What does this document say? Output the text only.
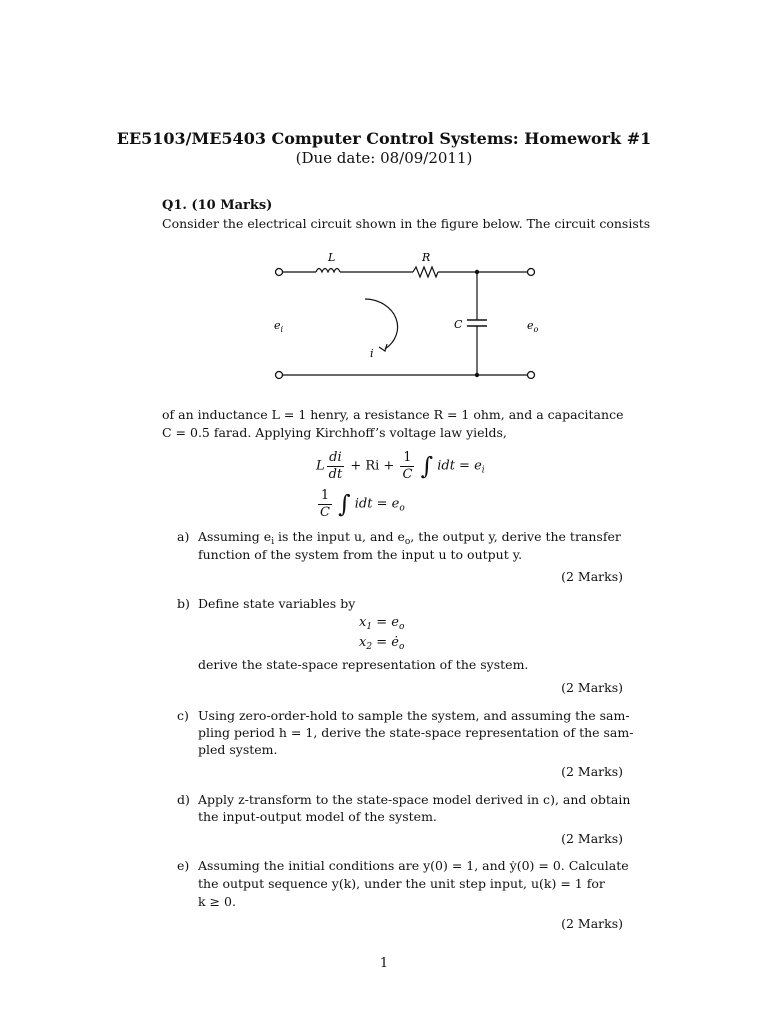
EE5103/ME5403 Computer Control Systems: Homework #1
(Due date: 08/09/2011)
Q1. (10 Marks)
Consider the electrical circuit shown in the figure below. The circuit consists
L	R
C
$e_i$	$e_o$
i
of an inductance L = 1 henry, a resistance R = 1 ohm, and a capacitance
C = 0.5 farad. Applying Kirchhoff’s voltage law yields,
L $\frac{di}{dt} + Ri + \frac{1}{C}$ ∫ idt = $e_i$
$\frac{1}{C}$ ∫ idt = $e_o$
a) Assuming $e_i$ is the input u, and $e_o$, the output y, derive the transfer
function of the system from the input u to output y.
(2 Marks)
b) Define state variables by
$x_1 = e_o$
$x_2$ = $ė_o$
derive the state-space representation of the system.
(2 Marks)
c) Using zero-order-hold to sample the system, and assuming the sam-
pling period h = 1, derive the state-space representation of the sam-
pled system.
(2 Marks)
d) Apply z-transform to the state-space model derived in c), and obtain
the input-output model of the system.
(2 Marks)
e) Assuming the initial conditions are y(0) = 1, and ẏ(0) = 0. Calculate
the output sequence y(k), under the unit step input, u(k) = 1 for
k ≥ 0.
(2 Marks)
1
